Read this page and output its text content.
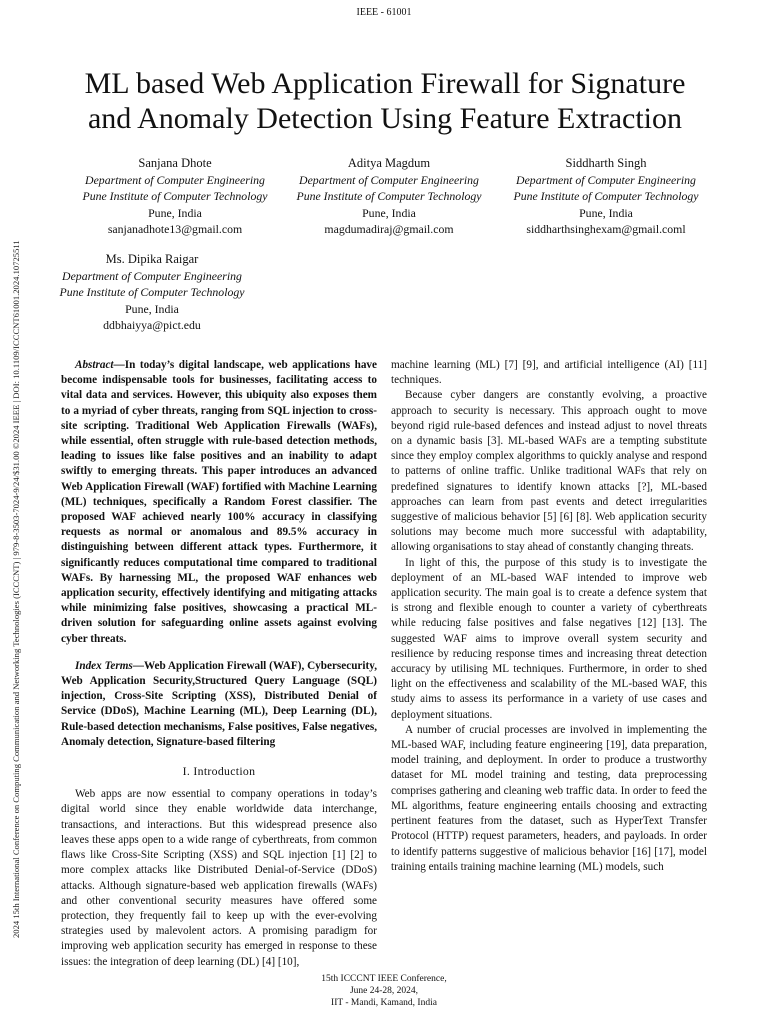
IEEE - 61001
2024 15th International Conference on Computing Communication and Networking Technologies (ICCCNT) | 979-8-3503-7024-9/24/$31.00 ©2024 IEEE | DOI: 10.1109/ICCCNT61001.2024.10725511
ML based Web Application Firewall for Signature
and Anomaly Detection Using Feature Extraction
Sanjana Dhote
Department of Computer Engineering
Pune Institute of Computer Technology
Pune, India
sanjanadhote13@gmail.com
Aditya Magdum
Department of Computer Engineering
Pune Institute of Computer Technology
Pune, India
magdumadiraj@gmail.com
Siddharth Singh
Department of Computer Engineering
Pune Institute of Computer Technology
Pune, India
siddharthsinghexam@gmail.coml
Ms. Dipika Raigar
Department of Computer Engineering
Pune Institute of Computer Technology
Pune, India
ddbhaiyya@pict.edu

Abstract—In today’s digital landscape, web applications have become indispensable tools for businesses, facilitating access to vital data and services. However, this ubiquity also exposes them to a myriad of cyber threats, ranging from SQL injection to cross-site scripting. Traditional Web Application Firewalls (WAFs), while essential, often struggle with rule-based detection methods, leading to issues like false positives and an inability to adapt swiftly to emerging threats. This paper introduces an advanced Web Application Firewall (WAF) fortified with Machine Learning (ML) techniques, specifically a Random Forest classifier. The proposed WAF achieved nearly 100% accuracy in classifying requests as normal or anomalous and 89.5% accuracy in distinguishing between different attack types. Furthermore, it significantly reduces computational time compared to traditional WAFs. By harnessing ML, the proposed WAF enhances web application security, effectively identifying and mitigating attacks while minimizing false positives, showcasing a practical ML-driven solution for safeguarding online assets against evolving cyber threats.

Index Terms—Web Application Firewall (WAF), Cybersecurity, Web Application Security,Structured Query Language (SQL) injection, Cross-Site Scripting (XSS), Distributed Denial of Service (DDoS), Machine Learning (ML), Deep Learning (DL), Rule-based detection mechanisms, False positives, False negatives, Anomaly detection, Signature-based filtering

I. Introduction

Web apps are now essential to company operations in today’s digital world since they enable worldwide data interchange, transactions, and interactions. But this widespread presence also leaves these apps open to a wide range of cyberthreats, from common flaws like Cross-Site Scripting (XSS) and SQL injection [1] [2] to more complex attacks like Distributed Denial-of-Service (DDoS) attacks. Although signature-based web application firewalls (WAFs) and other conventional security measures have offered some protection, they frequently fail to keep up with the ever-evolving strategies used by malevolent actors. A promising paradigm for improving web application security has emerged in response to these issues: the integration of deep learning (DL) [4] [10],

machine learning (ML) [7] [9], and artificial intelligence (AI) [11] techniques.

Because cyber dangers are constantly evolving, a proactive approach to security is necessary. This approach ought to move beyond rigid rule-based defences and instead adjust to novel threats on a dynamic basis [3]. ML-based WAFs are a tempting substitute since they employ complex algorithms to quickly analyse and respond to patterns of online traffic. Unlike traditional WAFs that rely on predefined signatures to identify known attacks [?], ML-based approaches can learn from past events and detect irregularities suggestive of malicious behavior [5] [6] [8]. Web application security solutions may become much more successful with adaptability, allowing organisations to stay ahead of constantly changing threats.

In light of this, the purpose of this study is to investigate the deployment of an ML-based WAF intended to improve web application security. The main goal is to create a defence system that is strong and flexible enough to counter a variety of cyberthreats while reducing false positives and false negatives [12] [13]. The suggested WAF aims to improve overall system security and resilience by reducing response times and increasing threat detection accuracy by utilising ML techniques. Furthermore, in order to shed light on the effectiveness and scalability of the ML-based WAF, this study aims to assess its performance in a variety of use cases and deployment situations.

A number of crucial processes are involved in implementing the ML-based WAF, including feature engineering [19], data preparation, model training, and deployment. In order to produce a trustworthy dataset for ML model training and testing, data preprocessing comprises gathering and cleaning web traffic data. In order to feed the ML algorithms, feature engineering entails choosing and extracting pertinent features from the dataset, such as HyperText Transfer Protocol (HTTP) request parameters, headers, and payloads. In order to identify patterns suggestive of malicious behavior [16] [17], model training entails training machine learning (ML) models, such

15th ICCCNT IEEE Conference,
June 24-28, 2024,
IIT - Mandi, Kamand, India
